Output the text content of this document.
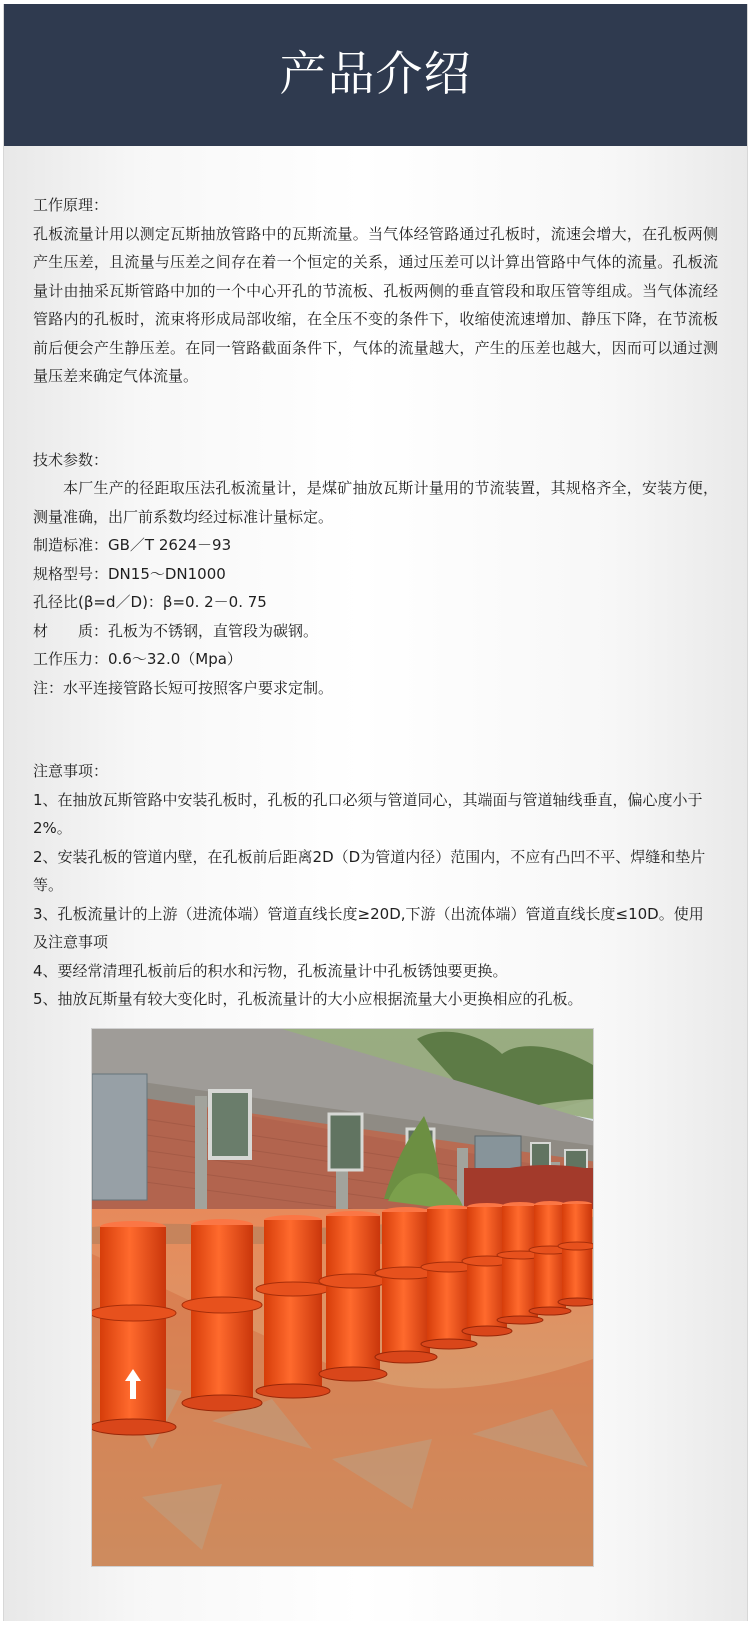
产品介绍

工作原理：

孔板流量计用以测定瓦斯抽放管路中的瓦斯流量。当气体经管路通过孔板时，流速会增大，在孔板两侧产生压差，且流量与压差之间存在着一个恒定的关系，通过压差可以计算出管路中气体的流量。孔板流量计由抽采瓦斯管路中加的一个中心开孔的节流板、孔板两侧的垂直管段和取压管等组成。当气体流经管路内的孔板时，流束将形成局部收缩，在全压不变的条件下，收缩使流速增加、静压下降，在节流板前后便会产生静压差。在同一管路截面条件下，气体的流量越大，产生的压差也越大，因而可以通过测量压差来确定气体流量。

技术参数：

本厂生产的径距取压法孔板流量计，是煤矿抽放瓦斯计量用的节流装置，其规格齐全，安装方便，测量准确，出厂前系数均经过标准计量标定。

制造标准：GB／T 2624－93

规格型号：DN15～DN1000

孔径比(β=d／D)：β=0. 2－0. 75

材　　质：孔板为不锈钢，直管段为碳钢。

工作压力：0.6～32.0（Mpa）

注：水平连接管路长短可按照客户要求定制。

注意事项：

1、在抽放瓦斯管路中安装孔板时，孔板的孔口必须与管道同心，其端面与管道轴线垂直，偏心度小于2%。

2、安装孔板的管道内壁，在孔板前后距离2D（D为管道内径）范围内，不应有凸凹不平、焊缝和垫片等。

3、孔板流量计的上游（进流体端）管道直线长度≥20D,下游（出流体端）管道直线长度≤10D。使用及注意事项

4、要经常清理孔板前后的积水和污物，孔板流量计中孔板锈蚀要更换。

5、抽放瓦斯量有较大变化时，孔板流量计的大小应根据流量大小更换相应的孔板。
